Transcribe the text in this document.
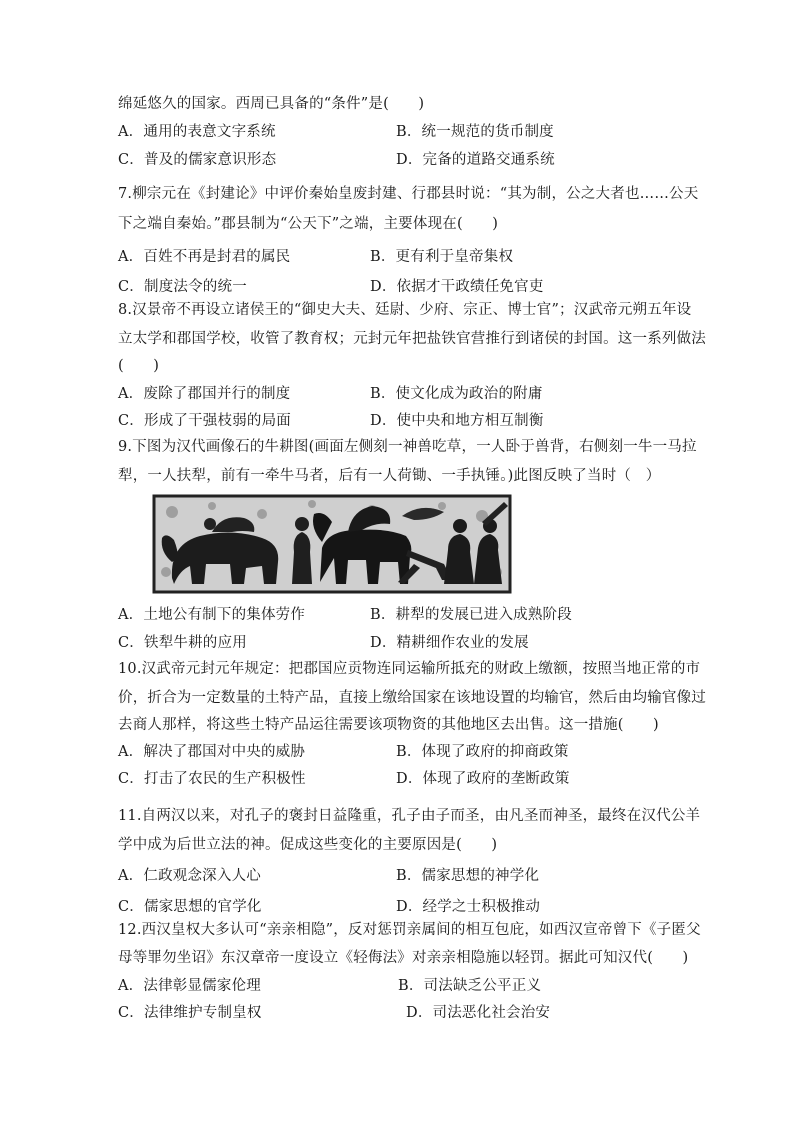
绵延悠久的国家。西周已具备的“条件”是(　　)
A．通用的表意文字系统	B．统一规范的货币制度
C．普及的儒家意识形态	D．完备的道路交通系统
7.柳宗元在《封建论》中评价秦始皇废封建、行郡县时说：“其为制，公之大者也……公天
下之端自秦始。”郡县制为“公天下”之端，主要体现在(　　)
A．百姓不再是封君的属民	B．更有利于皇帝集权
C．制度法令的统一	D．依据才干政绩任免官吏
8.汉景帝不再设立诸侯王的“御史大夫、廷尉、少府、宗正、博士官”；汉武帝元朔五年设
立太学和郡国学校，收管了教育权；元封元年把盐铁官营推行到诸侯的封国。这一系列做法
(　　)
A．废除了郡国并行的制度	B．使文化成为政治的附庸
C．形成了干强枝弱的局面	D．使中央和地方相互制衡
9.下图为汉代画像石的牛耕图(画面左侧刻一神兽吃草，一人卧于兽背，右侧刻一牛一马拉
犁，一人扶犁，前有一牵牛马者，后有一人荷锄、一手执锤。)此图反映了当时（　）
A．土地公有制下的集体劳作	B．耕犁的发展已进入成熟阶段
C．铁犁牛耕的应用	D．精耕细作农业的发展
10.汉武帝元封元年规定：把郡国应贡物连同运输所抵充的财政上缴额，按照当地正常的市
价，折合为一定数量的土特产品，直接上缴给国家在该地设置的均输官，然后由均输官像过
去商人那样，将这些土特产品运往需要该项物资的其他地区去出售。这一措施(　　)
A．解决了郡国对中央的威胁	B．体现了政府的抑商政策
C．打击了农民的生产积极性	D．体现了政府的垄断政策
11.自两汉以来，对孔子的褒封日益隆重，孔子由子而圣，由凡圣而神圣，最终在汉代公羊
学中成为后世立法的神。促成这些变化的主要原因是(　　)
A．仁政观念深入人心	B．儒家思想的神学化
C．儒家思想的官学化	D．经学之士积极推动
12.西汉皇权大多认可“亲亲相隐”，反对惩罚亲属间的相互包庇，如西汉宣帝曾下《子匿父
母等罪勿坐诏》东汉章帝一度设立《轻侮法》对亲亲相隐施以轻罚。据此可知汉代(　　)
A．法律彰显儒家伦理	B．司法缺乏公平正义
C．法律维护专制皇权	D．司法恶化社会治安
